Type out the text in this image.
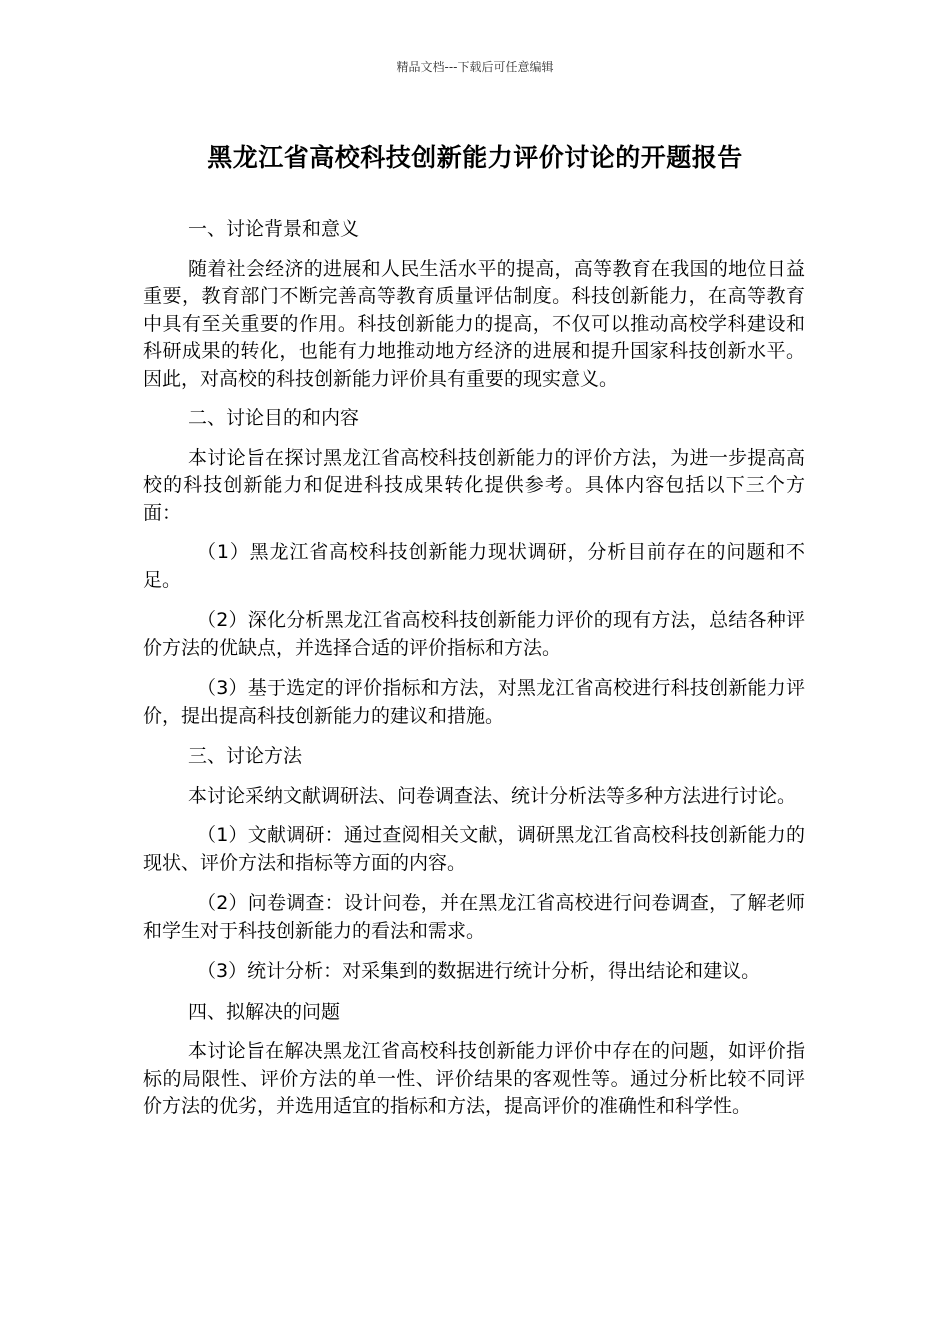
精品文档---下载后可任意编辑
黑龙江省高校科技创新能力评价讨论的开题报告

一、讨论背景和意义

随着社会经济的进展和人民生活水平的提高，高等教育在我国的地位日益重要，教育部门不断完善高等教育质量评估制度。科技创新能力，在高等教育中具有至关重要的作用。科技创新能力的提高，不仅可以推动高校学科建设和科研成果的转化，也能有力地推动地方经济的进展和提升国家科技创新水平。因此，对高校的科技创新能力评价具有重要的现实意义。

二、讨论目的和内容

本讨论旨在探讨黑龙江省高校科技创新能力的评价方法，为进一步提高高校的科技创新能力和促进科技成果转化提供参考。具体内容包括以下三个方面：

（1）黑龙江省高校科技创新能力现状调研，分析目前存在的问题和不足。

（2）深化分析黑龙江省高校科技创新能力评价的现有方法，总结各种评价方法的优缺点，并选择合适的评价指标和方法。

（3）基于选定的评价指标和方法，对黑龙江省高校进行科技创新能力评价，提出提高科技创新能力的建议和措施。

三、讨论方法

本讨论采纳文献调研法、问卷调查法、统计分析法等多种方法进行讨论。

（1）文献调研：通过查阅相关文献，调研黑龙江省高校科技创新能力的现状、评价方法和指标等方面的内容。

（2）问卷调查：设计问卷，并在黑龙江省高校进行问卷调查，了解老师和学生对于科技创新能力的看法和需求。

（3）统计分析：对采集到的数据进行统计分析，得出结论和建议。

四、拟解决的问题

本讨论旨在解决黑龙江省高校科技创新能力评价中存在的问题，如评价指标的局限性、评价方法的单一性、评价结果的客观性等。通过分析比较不同评价方法的优劣，并选用适宜的指标和方法，提高评价的准确性和科学性。
